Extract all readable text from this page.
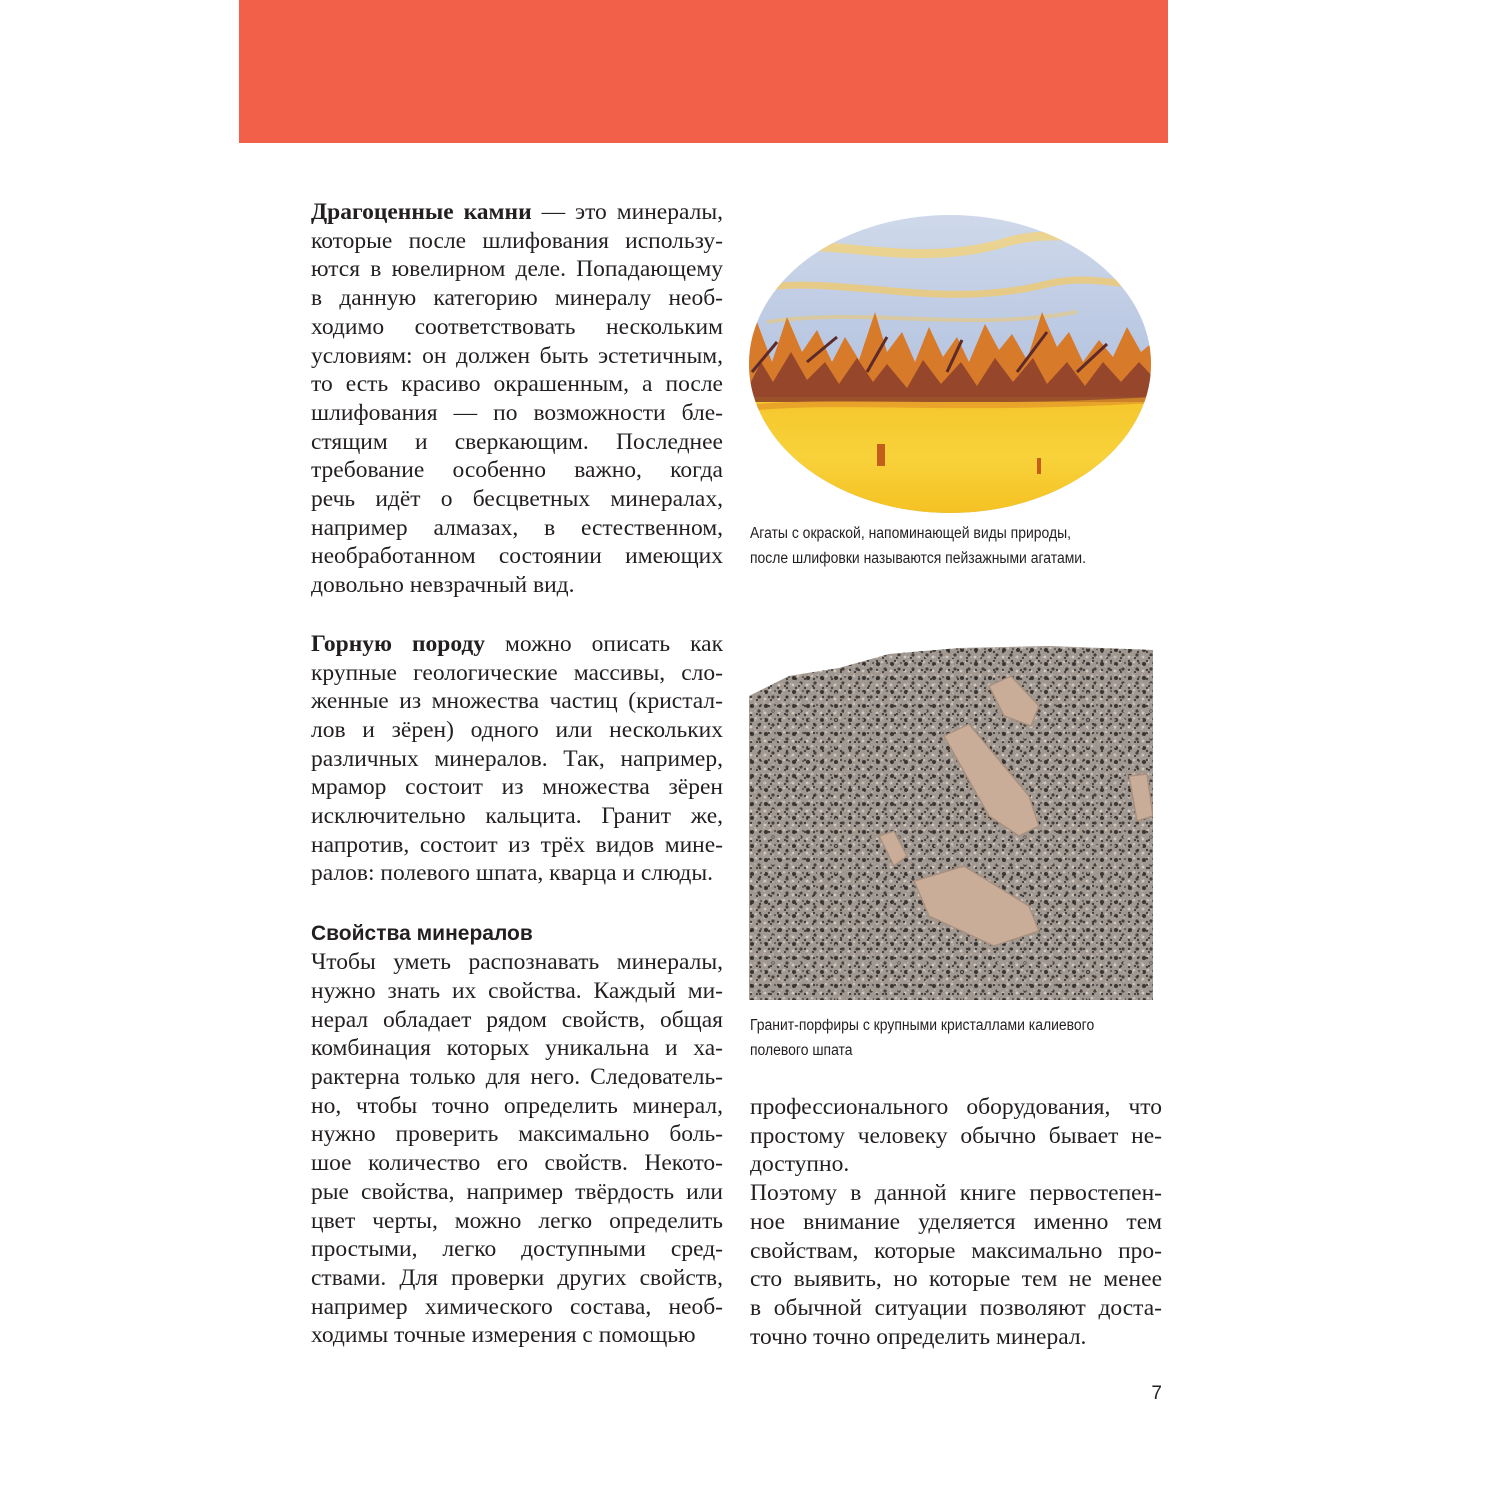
Драгоценные камни — это минералы,
которые после шлифования использу-
ются в ювелирном деле. Попадающему
в данную категорию минералу необ-
ходимо соответствовать нескольким
условиям: он должен быть эстетичным,
то есть красиво окрашенным, а после
шлифования — по возможности бле-
стящим и сверкающим. Последнее
требование особенно важно, когда
речь идёт о бесцветных минералах,
например алмазах, в естественном,
необработанном состоянии имеющих
довольно невзрачный вид.
Горную породу можно описать как
крупные геологические массивы, сло-
женные из множества частиц (кристал-
лов и зёрен) одного или нескольких
различных минералов. Так, например,
мрамор состоит из множества зёрен
исключительно кальцита. Гранит же,
напротив, состоит из трёх видов мине-
ралов: полевого шпата, кварца и слюды.
Свойства минералов
Чтобы уметь распознавать минералы,
нужно знать их свойства. Каждый ми-
нерал обладает рядом свойств, общая
комбинация которых уникальна и ха-
рактерна только для него. Следователь-
но, чтобы точно определить минерал,
нужно проверить максимально боль-
шое количество его свойств. Некото-
рые свойства, например твёрдость или
цвет черты, можно легко определить
простыми, легко доступными сред-
ствами. Для проверки других свойств,
например химического состава, необ-
ходимы точные измерения с помощью
профессионального оборудования, что
простому человеку обычно бывает не-
доступно.
Поэтому в данной книге первостепен-
ное внимание уделяется именно тем
свойствам, которые максимально про-
сто выявить, но которые тем не менее
в обычной ситуации позволяют доста-
точно точно определить минерал.

Агаты с окраской, напоминающей виды природы,
после шлифовки называются пейзажными агатами.

Гранит-порфиры с крупными кристаллами калиевого
полевого шпата

7
